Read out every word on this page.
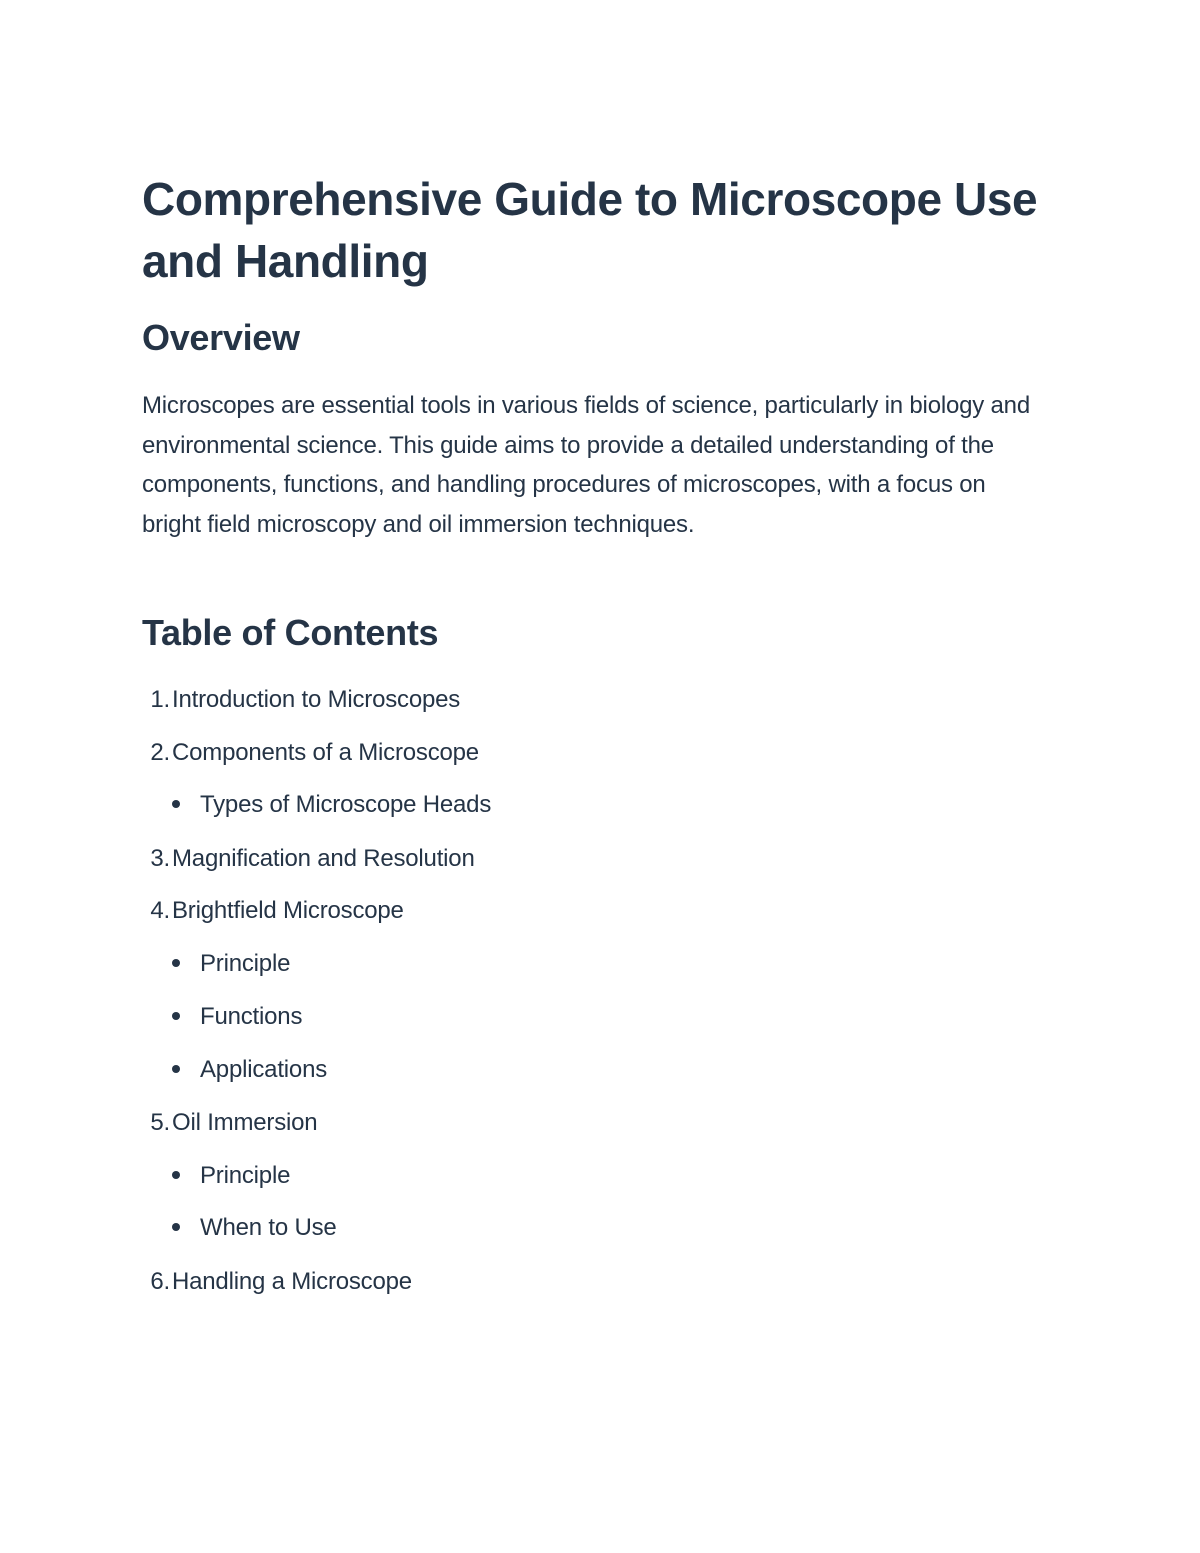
Comprehensive Guide to Microscope Use and Handling
Overview

Microscopes are essential tools in various fields of science, particularly in biology and environmental science. This guide aims to provide a detailed understanding of the components, functions, and handling procedures of microscopes, with a focus on bright field microscopy and oil immersion techniques.

Table of Contents
1.Introduction to Microscopes
2.Components of a Microscope
Types of Microscope Heads
3.Magnification and Resolution
4.Brightfield Microscope
Principle
Functions
Applications
5.Oil Immersion
Principle
When to Use
6.Handling a Microscope
